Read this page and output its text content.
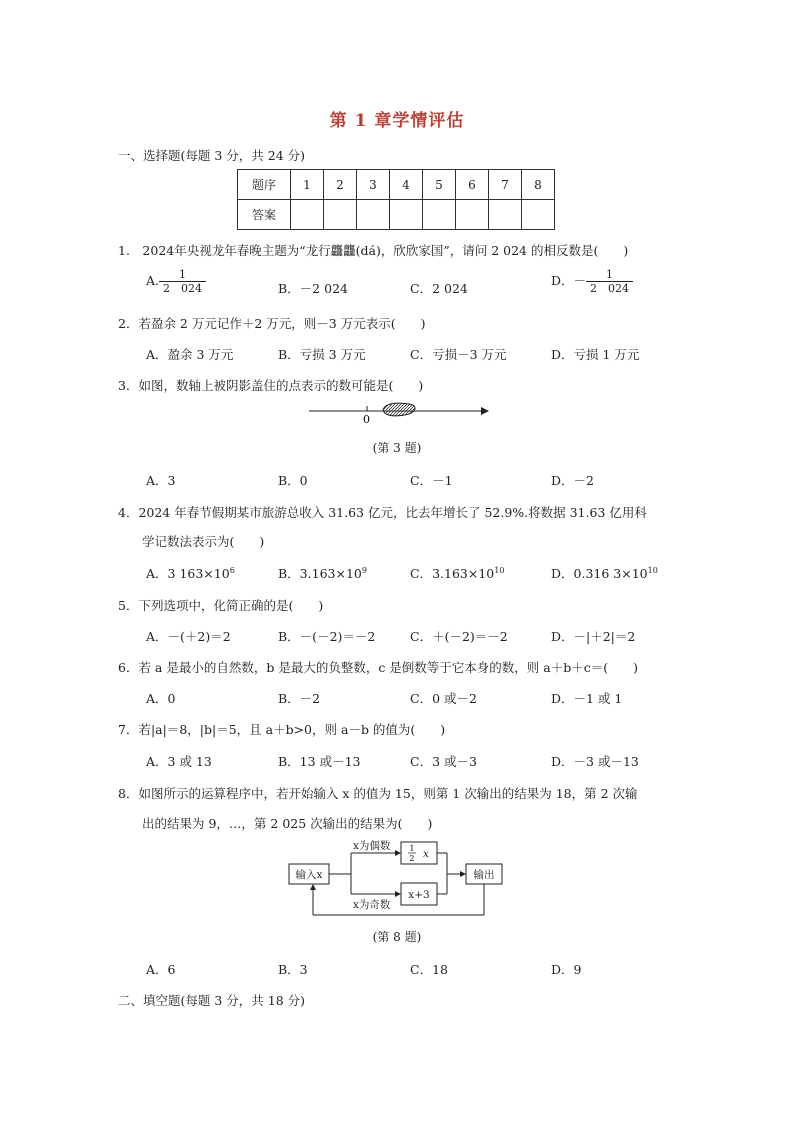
第 1 章学情评估
一、选择题(每题 3 分，共 24 分)
题序	1	2	3	4	5	6	7	8
答案								
1.　2024年央视龙年春晚主题为“龙行龘龘(dá)，欣欣家国”，请问 2 024 的相反数是(　　)
A. $\frac{1}{2 024}$	B．－2 024	C．2 024
D．－ $\frac{1}{2 024}$
2．若盈余 2 万元记作＋2 万元，则－3 万元表示(　　)
A．盈余 3 万元	B．亏损 3 万元	C．亏损－3 万元	D．亏损 1 万元
3．如图，数轴上被阴影盖住的点表示的数可能是(　　)
0
(第 3 题)
A．3	B．0	C．－1	D．－2
4．2024 年春节假期某市旅游总收入 31.63 亿元，比去年增长了 52.9%.将数据 31.63 亿用科
学记数法表示为(　　)
A．3 $163\times 10^6$	B．$3.163\times 10^9$	C．$3.163\times 10^{10}$	D．0.316 $3\times 10^{10}$
5．下列选项中，化简正确的是(　　)
A．－(＋2)＝2	B．－(－2)＝－2	C．＋(－2)＝－2	D．－|＋2|＝2
6．若 a 是最小的自然数，b 是最大的负整数，c 是倒数等于它本身的数，则 a＋b＋c＝(　　)
A．0	B．－2	C．0 或－2	D．－1 或 1
7．若|a|＝8，|b|＝5，且 a＋b>0，则 a－b 的值为(　　)
A．3 或 13	B．13 或－13	C．3 或－3	D．－3 或－13
8．如图所示的运算程序中，若开始输入 x 的值为 15，则第 1 次输出的结果为 18，第 2 次输
出的结果为 9，…，第 2 025 次输出的结果为(　　)
输入x
x为偶数
x为奇数
1
2 x
x+3
输出
(第 8 题)
A．6	B．3	C．18	D．9
二、填空题(每题 3 分，共 18 分)
